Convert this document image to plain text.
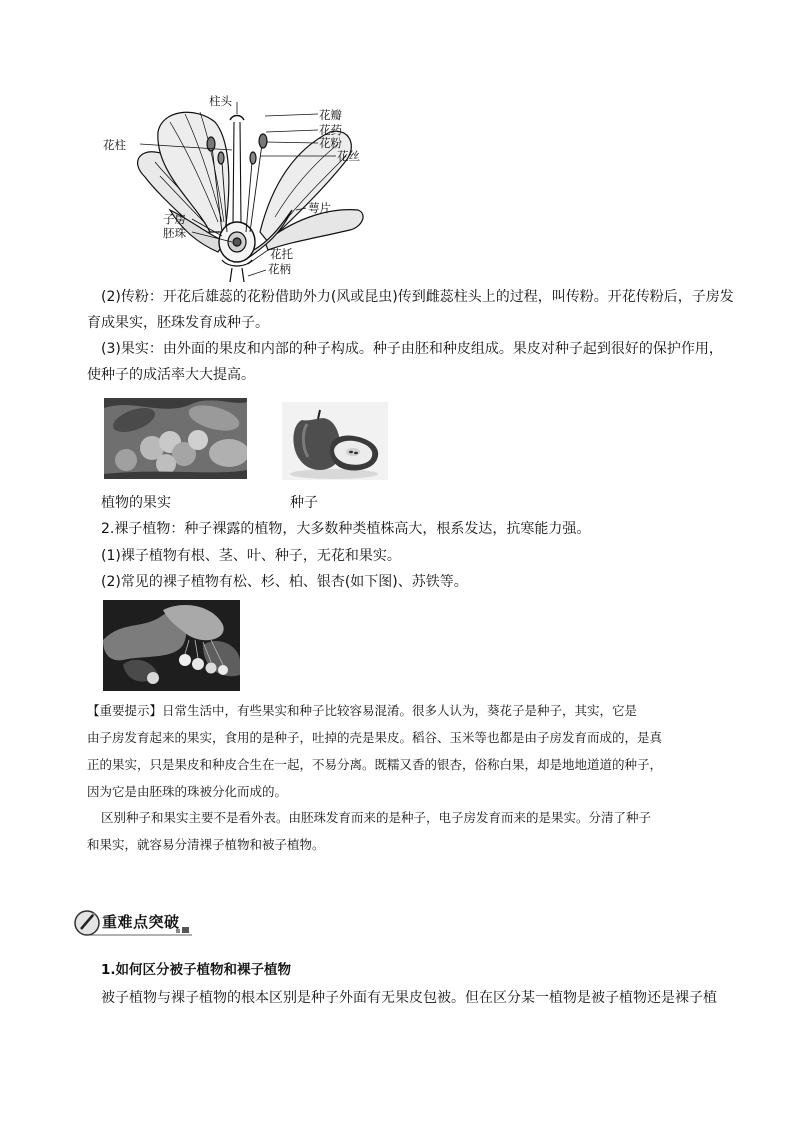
柱头
花瓣
花药
花粉
花丝
花柱
萼片
子房
胚珠
花托
花柄
(2)传粉：开花后雄蕊的花粉借助外力(风或昆虫)传到雌蕊柱头上的过程，叫传粉。开花传粉后，子房发
育成果实，胚珠发育成种子。
(3)果实：由外面的果皮和内部的种子构成。种子由胚和种皮组成。果皮对种子起到很好的保护作用，
使种子的成活率大大提高。
植物的果实	种子
2.裸子植物：种子裸露的植物，大多数种类植株高大，根系发达，抗寒能力强。
(1)裸子植物有根、茎、叶、种子，无花和果实。
(2)常见的裸子植物有松、杉、柏、银杏(如下图)、苏铁等。
【重要提示】日常生活中，有些果实和种子比较容易混淆。很多人认为，葵花子是种子，其实，它是
由子房发育起来的果实，食用的是种子，吐掉的壳是果皮。稻谷、玉米等也都是由子房发育而成的，是真
正的果实，只是果皮和种皮合生在一起，不易分离。既糯又香的银杏，俗称白果，却是地地道道的种子，
因为它是由胚珠的珠被分化而成的。
区别种子和果实主要不是看外表。由胚珠发育而来的是种子，电子房发育而来的是果实。分清了种子
和果实，就容易分清裸子植物和被子植物。
重难点突破
1.如何区分被子植物和裸子植物
被子植物与裸子植物的根本区别是种子外面有无果皮包被。但在区分某一植物是被子植物还是裸子植
